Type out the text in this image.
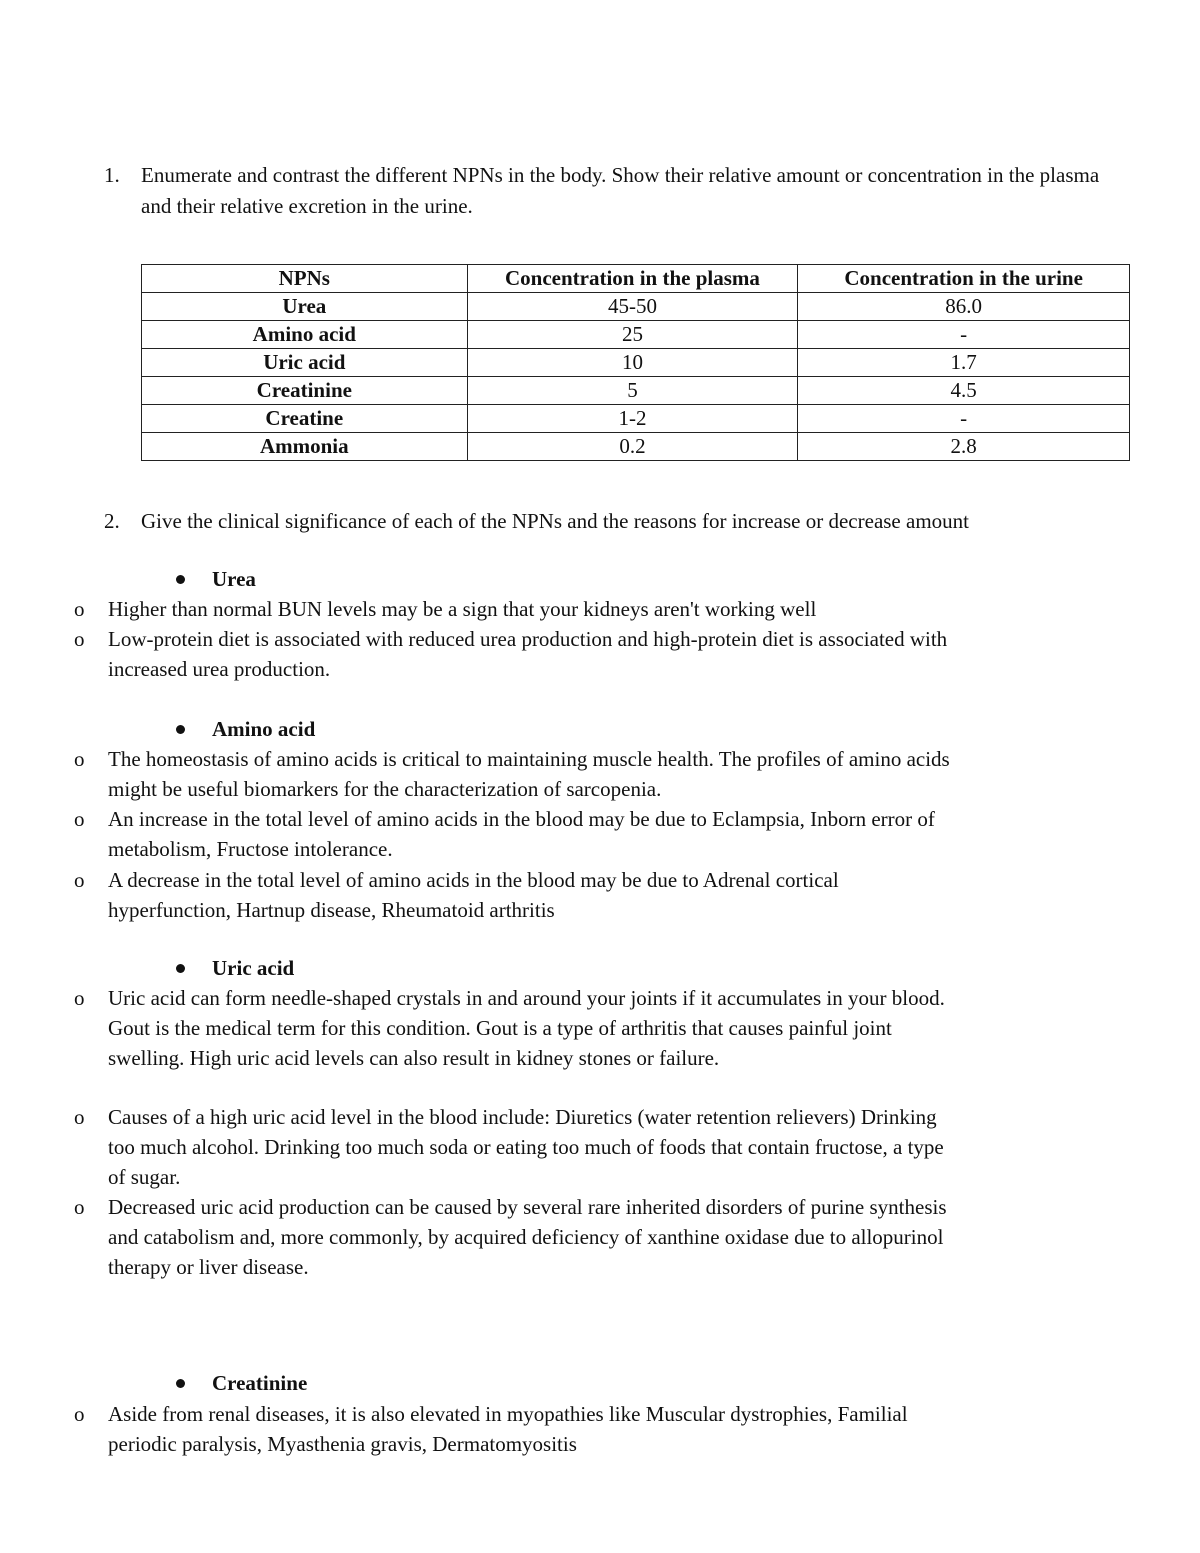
1. Enumerate and contrast the different NPNs in the body. Show their relative amount or concentration in the plasma and their relative excretion in the urine.
NPNs	Concentration in the plasma	Concentration in the urine
Urea	45-50	86.0
Amino acid	25	-
Uric acid	10	1.7
Creatinine	5	4.5
Creatine	1-2	-
Ammonia	0.2	2.8
2. Give the clinical significance of each of the NPNs and the reasons for increase or decrease amount
Urea
o Higher than normal BUN levels may be a sign that your kidneys aren't working well
o Low-protein diet is associated with reduced urea production and high-protein diet is associated with increased urea production.
Amino acid
o The homeostasis of amino acids is critical to maintaining muscle health. The profiles of amino acids might be useful biomarkers for the characterization of sarcopenia.
o An increase in the total level of amino acids in the blood may be due to Eclampsia, Inborn error of metabolism, Fructose intolerance.
o A decrease in the total level of amino acids in the blood may be due to Adrenal cortical hyperfunction, Hartnup disease, Rheumatoid arthritis
Uric acid
o Uric acid can form needle-shaped crystals in and around your joints if it accumulates in your blood. Gout is the medical term for this condition. Gout is a type of arthritis that causes painful joint swelling. High uric acid levels can also result in kidney stones or failure.
o Causes of a high uric acid level in the blood include: Diuretics (water retention relievers) Drinking too much alcohol. Drinking too much soda or eating too much of foods that contain fructose, a type of sugar.
o Decreased uric acid production can be caused by several rare inherited disorders of purine synthesis and catabolism and, more commonly, by acquired deficiency of xanthine oxidase due to allopurinol therapy or liver disease.
Creatinine
o Aside from renal diseases, it is also elevated in myopathies like Muscular dystrophies, Familial periodic paralysis, Myasthenia gravis, Dermatomyositis
